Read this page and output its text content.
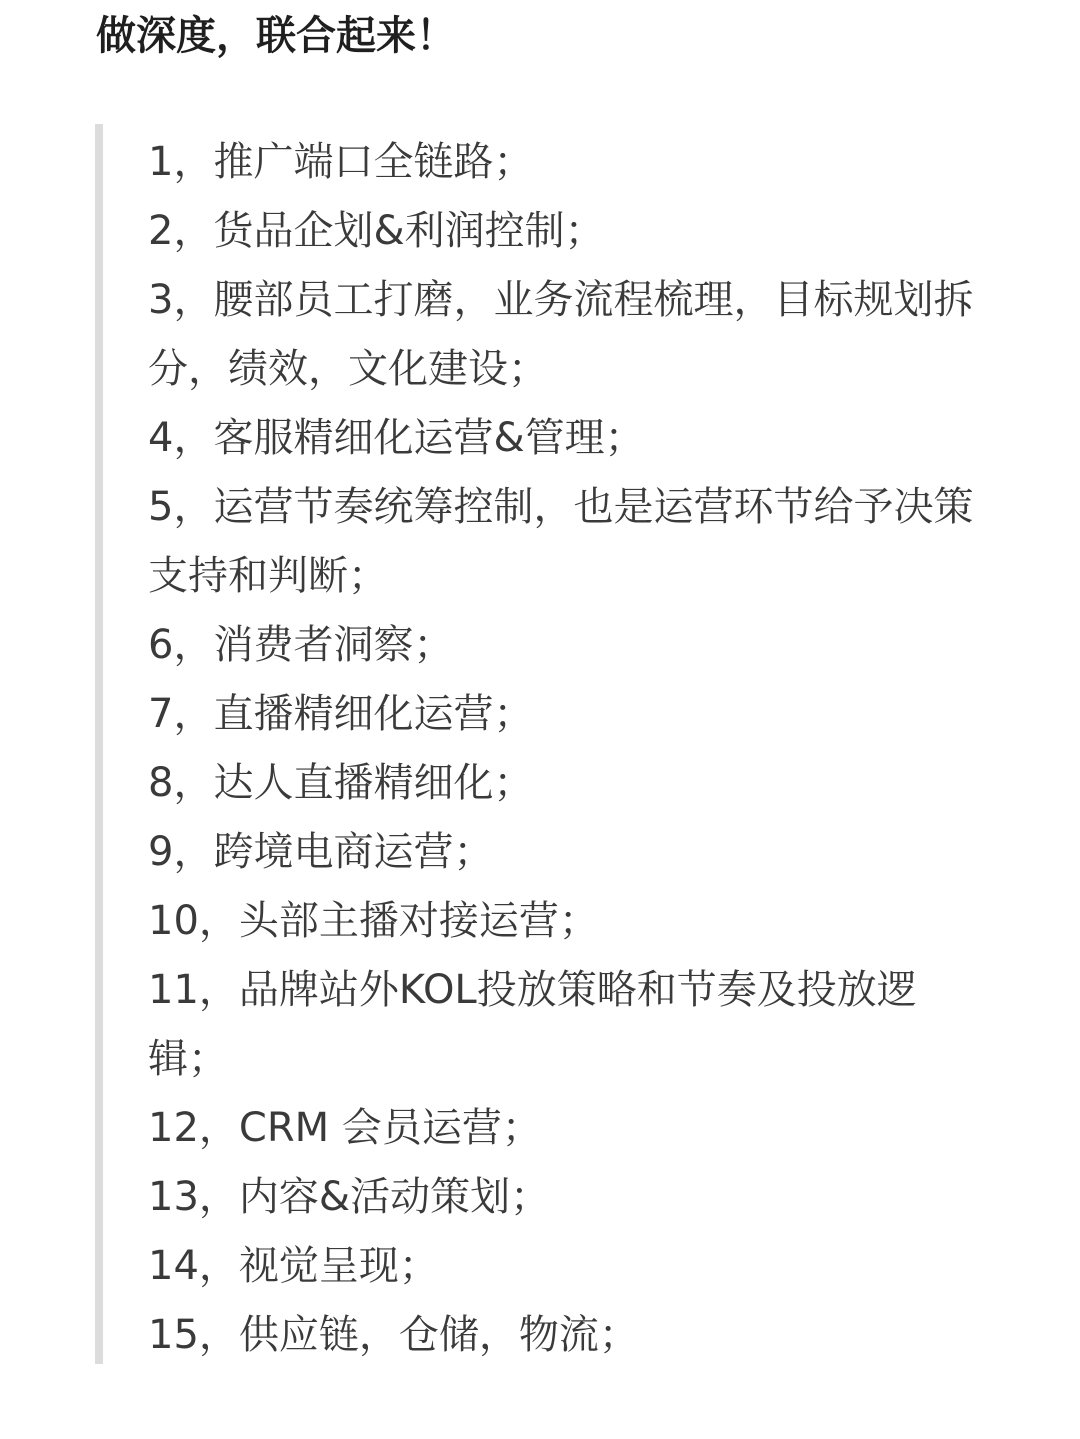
做深度，联合起来！
1，推广端口全链路；
2，货品企划&利润控制；
3，腰部员工打磨，业务流程梳理，目标规划拆分，绩效，文化建设；
4，客服精细化运营&管理；
5，运营节奏统筹控制，也是运营环节给予决策支持和判断；
6，消费者洞察；
7，直播精细化运营；
8，达人直播精细化；
9，跨境电商运营；
10，头部主播对接运营；
11，品牌站外KOL投放策略和节奏及投放逻辑；
12，CRM 会员运营；
13，内容&活动策划；
14，视觉呈现；
15，供应链，仓储，物流；
